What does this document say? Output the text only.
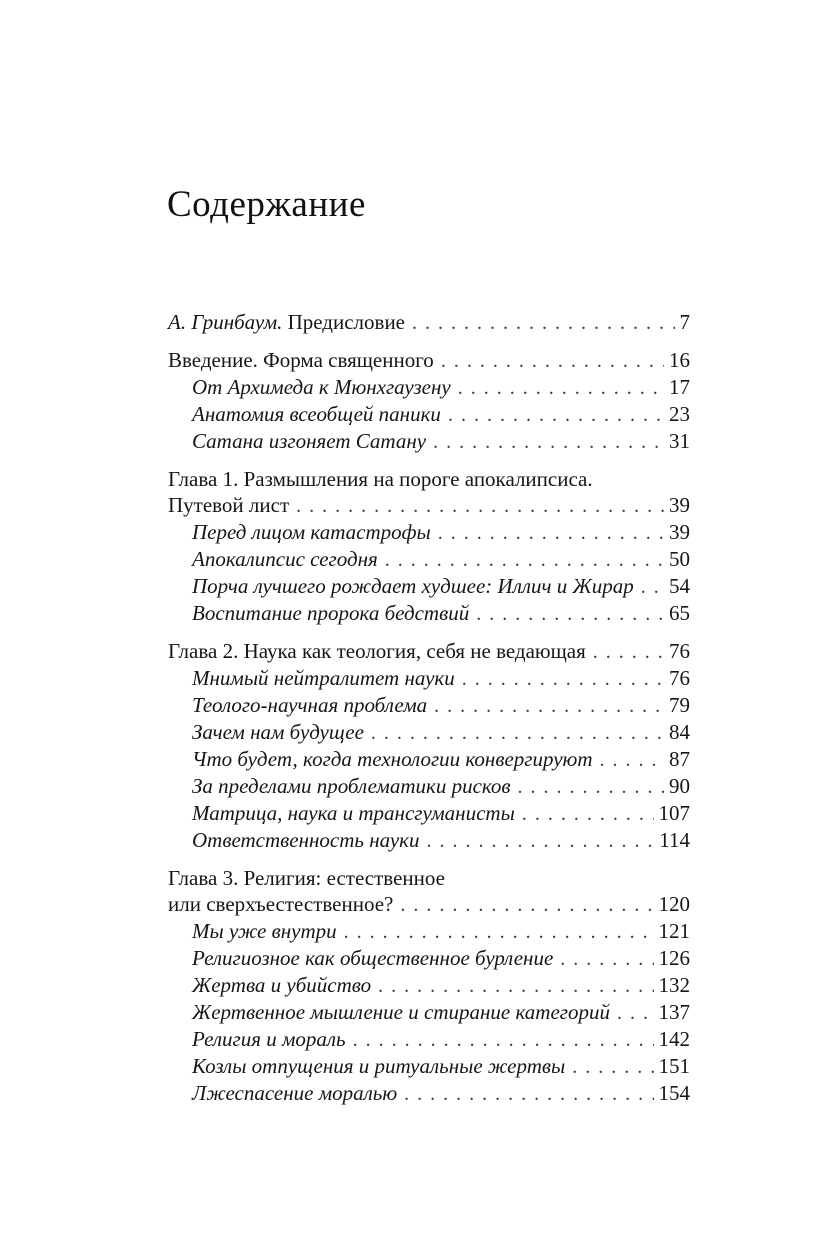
Содержание
А. Гринбаум. Предисловие .....	7
Введение. Форма священного .....	16
От Архимеда к Мюнхгаузену .....	17
Анатомия всеобщей паники .....	23
Сатана изгоняет Сатану .....	31
Глава 1. Размышления на пороге апокалипсиса.
Путевой лист .....	39
Перед лицом катастрофы .....	39
Апокалипсис сегодня .....	50
Порча лучшего рождает худшее: Иллич и Жирар ..... 54
Воспитание пророка бедствий .....	65
Глава 2. Наука как теология, себя не ведающая .....	76
Мнимый нейтралитет науки .....	76
Теолого-научная проблема .....	79
Зачем нам будущее .....	84
Что будет, когда технологии конвергируют .....	87
За пределами проблематики рисков .....	90
Матрица, наука и трансгуманисты .....	107
Ответственность науки .....	114
Глава 3. Религия: естественное
или сверхъестественное? .....	120
Мы уже внутри .....	121
Религиозное как общественное бурление .....	126
Жертва и убийство .....	132
Жертвенное мышление и стирание категорий ..... 137
Религия и мораль .....	142
Козлы отпущения и ритуальные жертвы .....	151
Лжеспасение моралью .....	154
